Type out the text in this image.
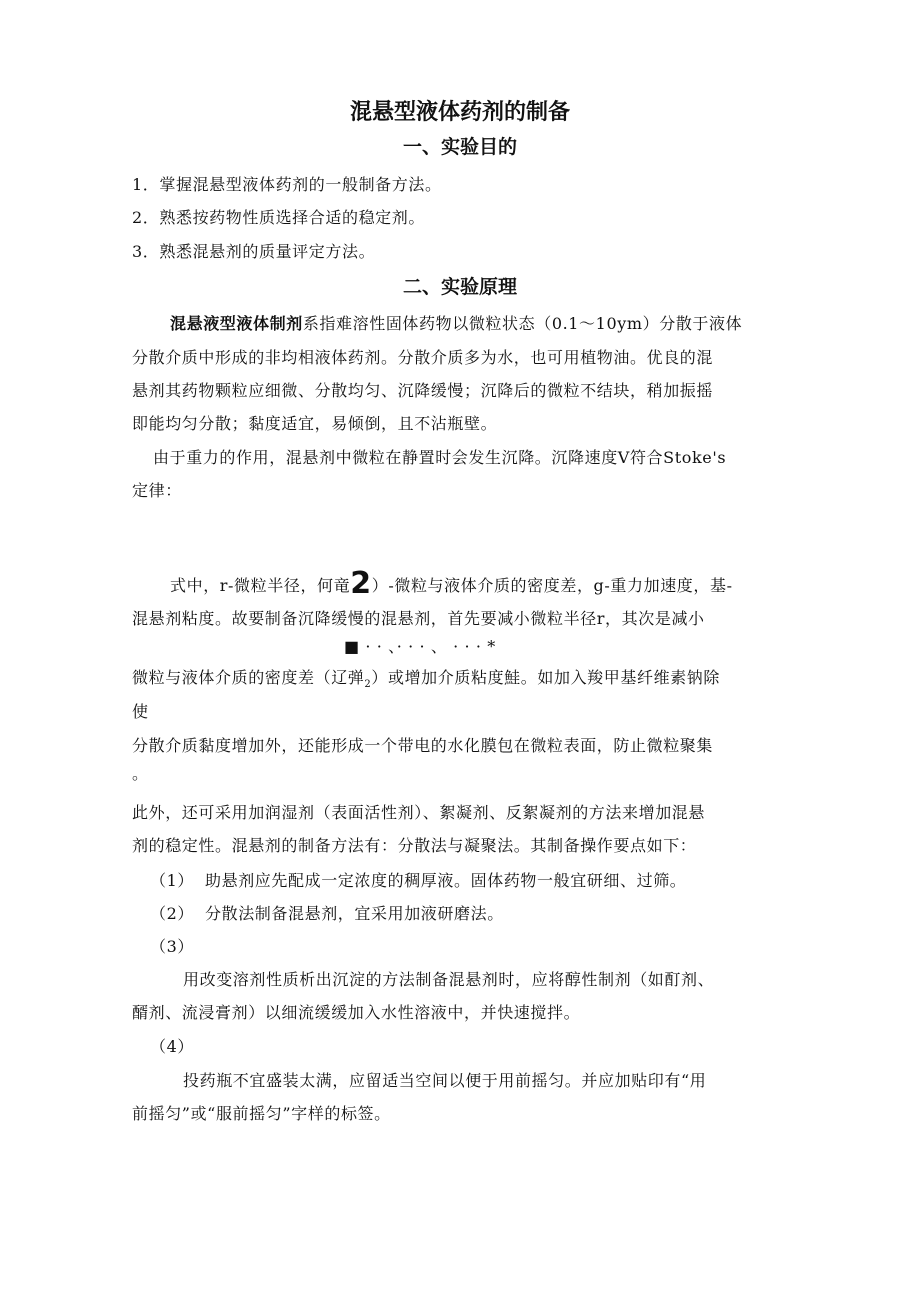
混悬型液体药剂的制备
一、实验目的
1．掌握混悬型液体药剂的一般制备方法。
2．熟悉按药物性质选择合适的稳定剂。
3．熟悉混悬剂的质量评定方法。
二、实验原理
混悬液型液体制剂系指难溶性固体药物以微粒状态（0.1〜10ym）分散于液体
分散介质中形成的非均相液体药剂。分散介质多为水，也可用植物油。优良的混
悬剂其药物颗粒应细微、分散均匀、沉降缓慢；沉降后的微粒不结块，稍加振摇
即能均匀分散；黏度适宜，易倾倒，且不沾瓶壁。
由于重力的作用，混悬剂中微粒在静置时会发生沉降。沉降速度V符合Stoke's
定律：
式中，r-微粒半径，何竜2）-微粒与液体介质的密度差，g-重力加速度，基-
混悬剂粘度。故要制备沉降缓慢的混悬剂，首先要减小微粒半径r，其次是减小
■ · · 、· · · 、 · · · *
微粒与液体介质的密度差（辽弹$_2$）或增加介质粘度鮭。如加入羧甲基纤维素钠除
使
分散介质黏度增加外，还能形成一个带电的水化膜包在微粒表面，防止微粒聚集
。
此外，还可采用加润湿剂（表面活性剂）、絮凝剂、反絮凝剂的方法来增加混悬
剂的稳定性。混悬剂的制备方法有：分散法与凝聚法。其制备操作要点如下：
（1） 助悬剂应先配成一定浓度的稠厚液。固体药物一般宜研细、过筛。
（2） 分散法制备混悬剂，宜采用加液研磨法。
（3）
用改变溶剂性质析出沉淀的方法制备混悬剂时，应将醇性制剂（如酊剂、
醑剂、流浸膏剂）以细流缓缓加入水性溶液中，并快速搅拌。
（4）
投药瓶不宜盛装太满，应留适当空间以便于用前摇匀。并应加贴印有“用
前摇匀”或“服前摇匀”字样的标签。
